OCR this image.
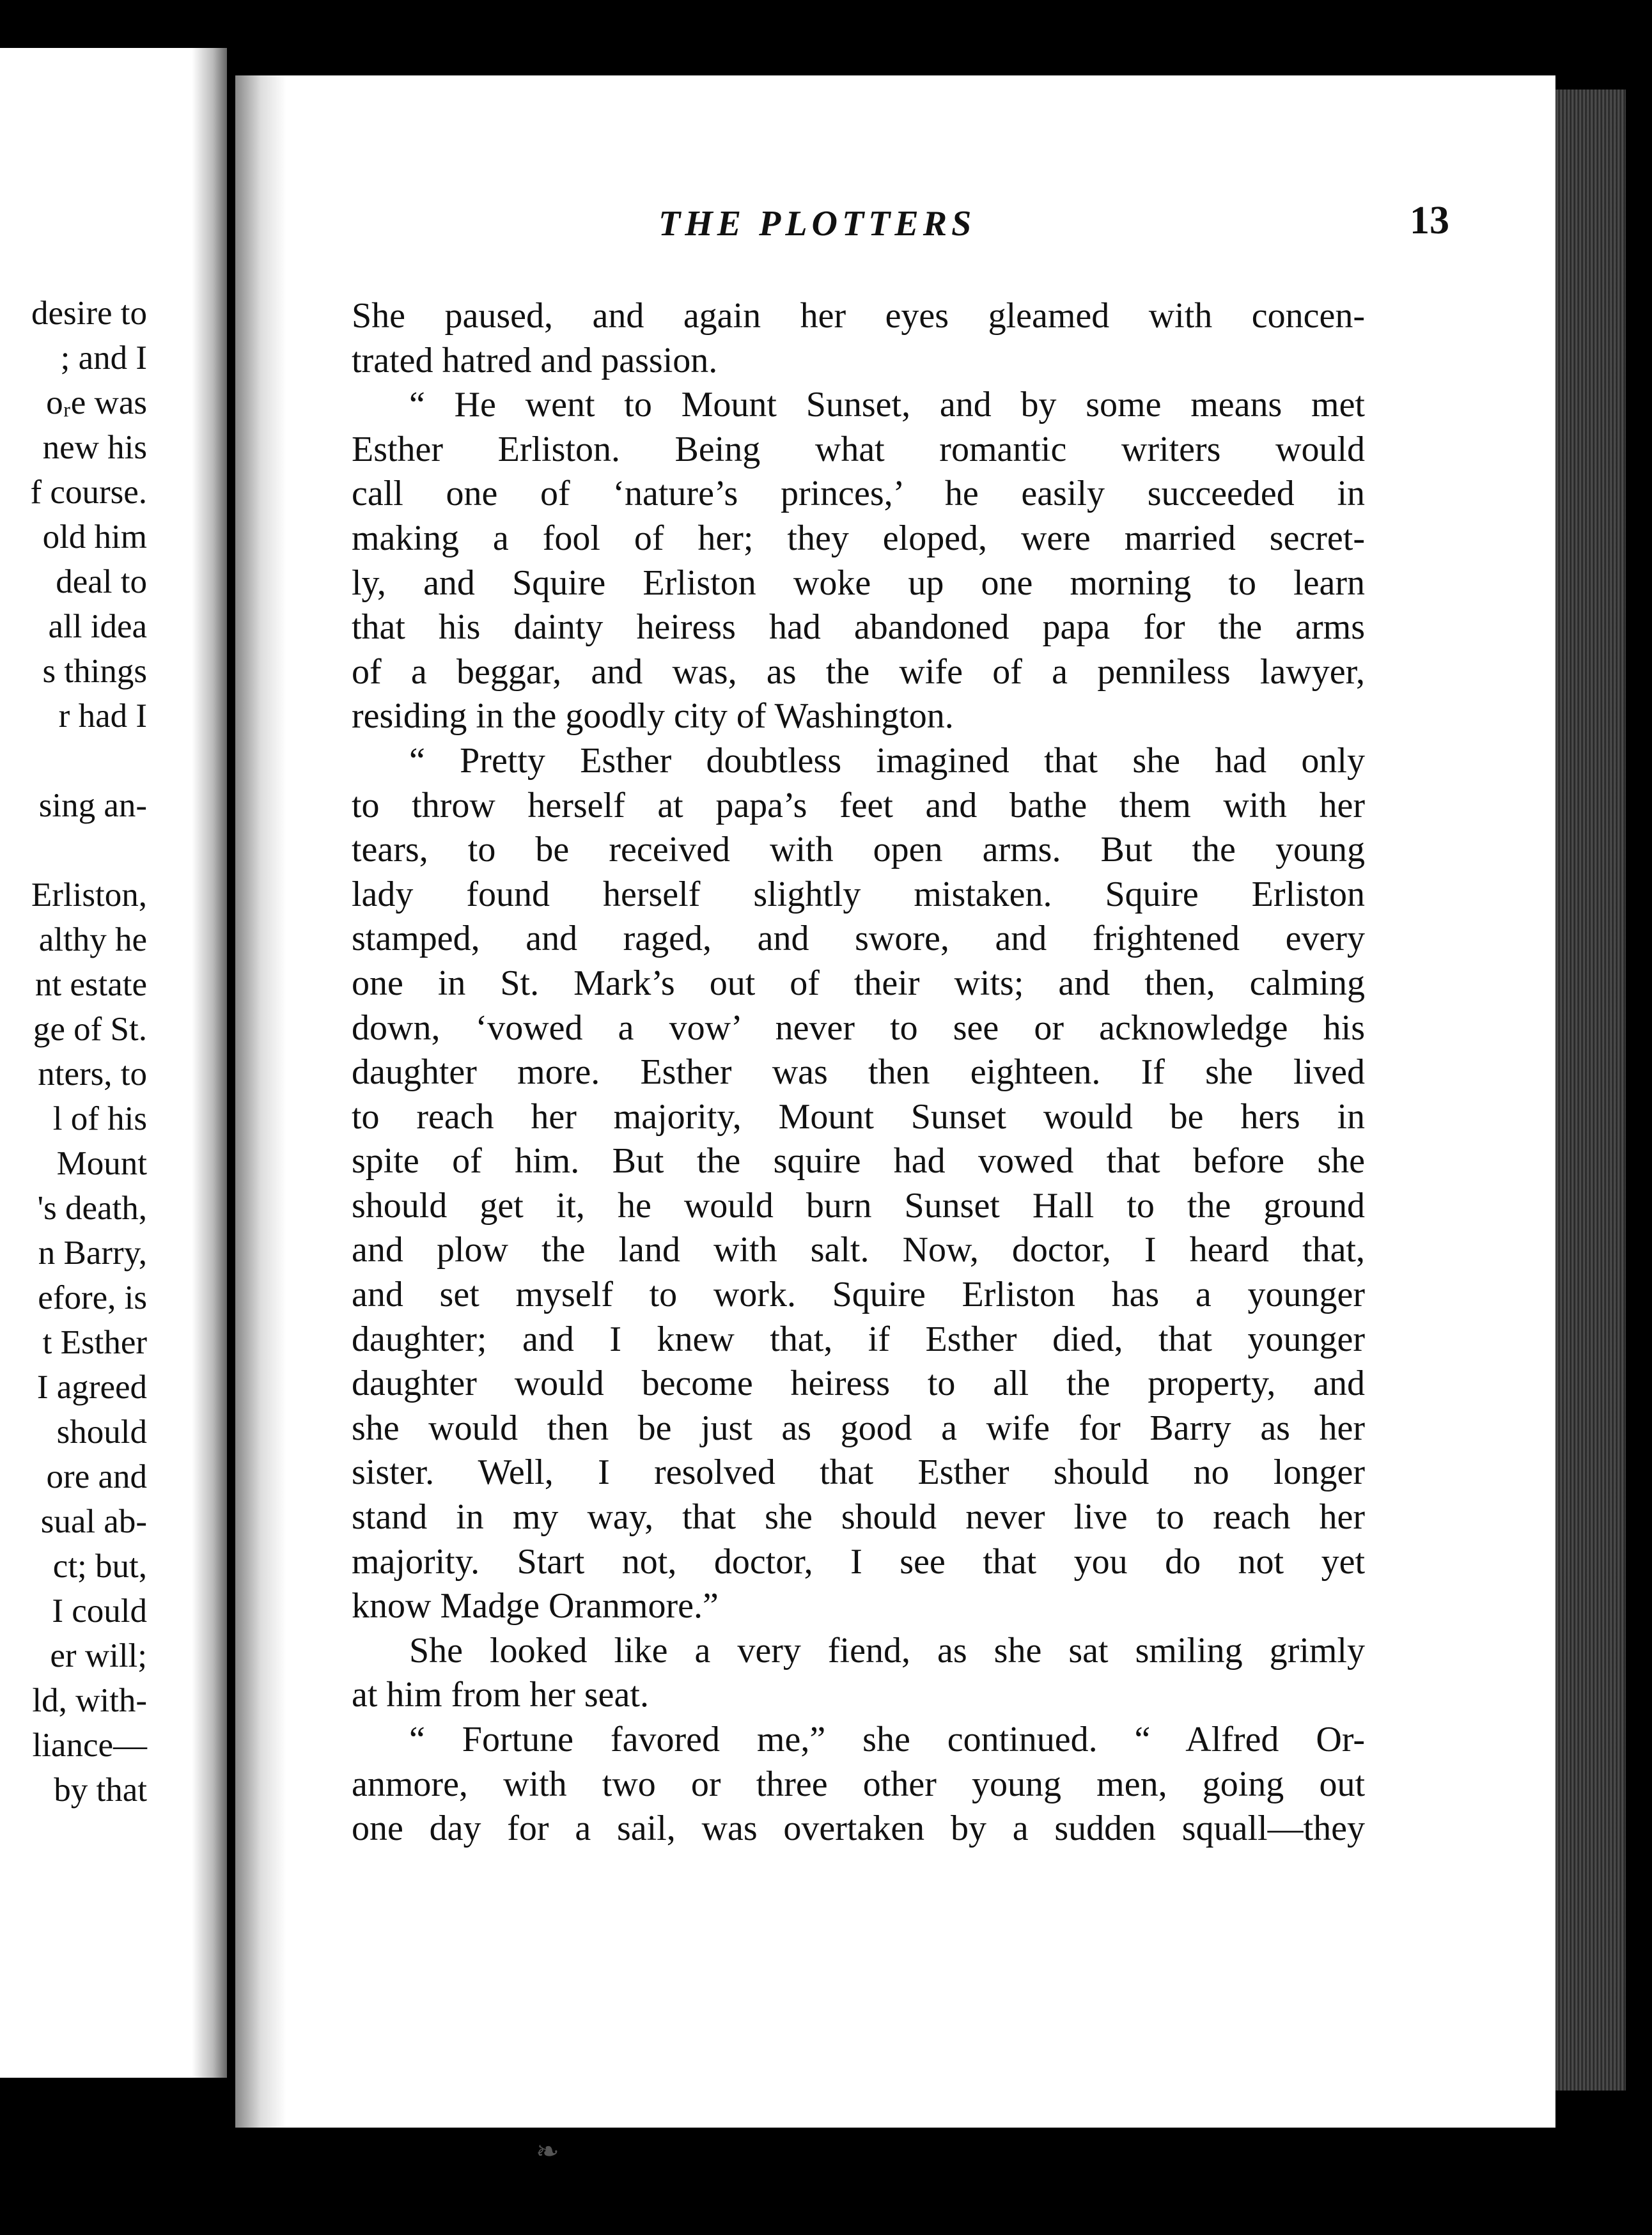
desire to
; and I
oᵣe was
new his
f course.
old him
deal to
all idea
s things
r had I
sing an-
Erliston,
althy he
nt estate
ge of St.
nters, to
l of his
Mount
's death,
n Barry,
efore, is
t Esther
I agreed
should
ore and
sual ab-
ct; but,
I could
er will;
ld, with-
liance—
by that
THE PLOTTERS	13
She paused, and again her eyes gleamed with concen-
trated hatred and passion.
“ He went to Mount Sunset, and by some means met
Esther Erliston. Being what romantic writers would
call one of ‘nature’s princes,’ he easily succeeded in
making a fool of her; they eloped, were married secret-
ly, and Squire Erliston woke up one morning to learn
that his dainty heiress had abandoned papa for the arms
of a beggar, and was, as the wife of a penniless lawyer,
residing in the goodly city of Washington.
“ Pretty Esther doubtless imagined that she had only
to throw herself at papa’s feet and bathe them with her
tears, to be received with open arms. But the young
lady found herself slightly mistaken. Squire Erliston
stamped, and raged, and swore, and frightened every
one in St. Mark’s out of their wits; and then, calming
down, ‘vowed a vow’ never to see or acknowledge his
daughter more. Esther was then eighteen. If she lived
to reach her majority, Mount Sunset would be hers in
spite of him. But the squire had vowed that before she
should get it, he would burn Sunset Hall to the ground
and plow the land with salt. Now, doctor, I heard that,
and set myself to work. Squire Erliston has a younger
daughter; and I knew that, if Esther died, that younger
daughter would become heiress to all the property, and
she would then be just as good a wife for Barry as her
sister. Well, I resolved that Esther should no longer
stand in my way, that she should never live to reach her
majority. Start not, doctor, I see that you do not yet
know Madge Oranmore.”
She looked like a very fiend, as she sat smiling grimly
at him from her seat.
“ Fortune favored me,” she continued. “ Alfred Or-
anmore, with two or three other young men, going out
one day for a sail, was overtaken by a sudden squall—they
❧
